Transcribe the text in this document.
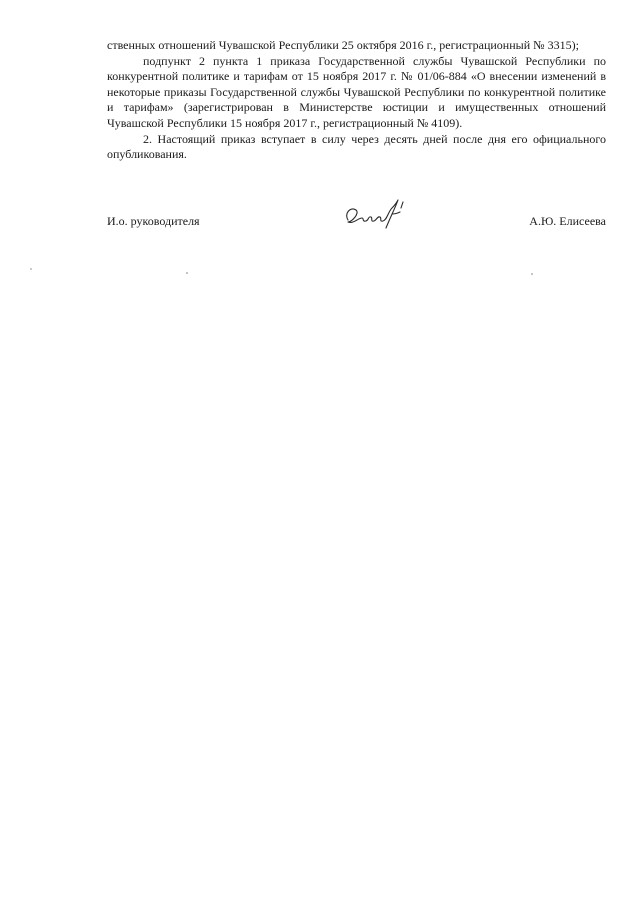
ственных отношений Чувашской Республики 25 октября 2016 г., регистрационный № 3315);

подпункт 2 пункта 1 приказа Государственной службы Чувашской Республики по конкурентной политике и тарифам от 15 ноября 2017 г. № 01/06-884 «О внесении изменений в некоторые приказы Государственной службы Чувашской Республики по конкурентной политике и тарифам» (зарегистрирован в Министерстве юстиции и имущественных отношений Чувашской Республики 15 ноября 2017 г., регистрационный № 4109).

2. Настоящий приказ вступает в силу через десять дней после дня его официального опубликования.

И.о. руководителя	А.Ю. Елисеева
